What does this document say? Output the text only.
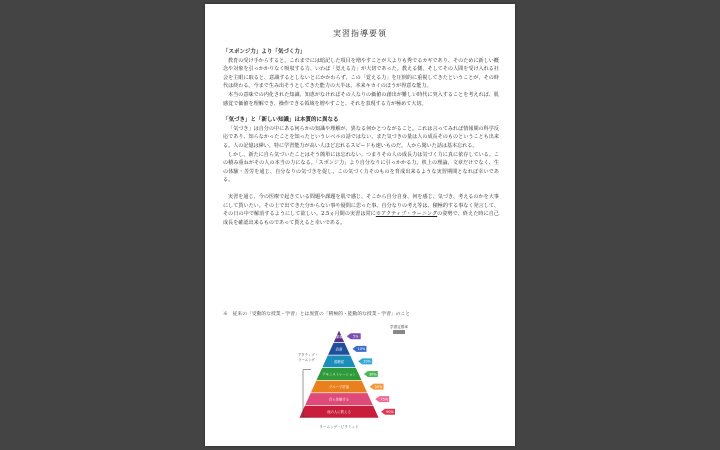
実習指導要領
「スポンジ力」より「気づく力」
教育の受け手からすると、これまでには暗記した項目を増やすことが人よりも秀でるカギであり、そのために新しい概念や対象を引っかかりなく吸収する力、いわば「覚える力」が大切であった。教える側、そしてその人間を受け入れる社会を主眼に取ると、意識するとしないとにかかわらず、この「覚える力」を圧倒的に重視してきたということが、その時代は終わる。今まで生み出そうとしてきた能力の大半は、本来キカイのほうが得意な能力。
本当の意味での内化された知識、知恵がなければその人なりの価値の創出が難しい時代に突入することを考えれば、肌感覚で価値を理解でき、操作できる領域を増やすこと、それを表現する力が極めて大切。
「気づき」と「新しい知識」は本質的に異なる
「気づき」は自分の中にある何らかの知識や理解が、異なる何かとつながること。これは言ってみれば情報間の科学反応であり、知らなかったことを知ったというレベルの話ではない。また気づきの量は人の成長そのものということも出来る。人の記憶は儚い。特に学習能力が高い人ほど忘れるスピードも速いものだ。人から聞いた話は基本忘れる。
しかし、新たに自ら気づいたことはそう簡単には忘れない。つまりその人の成長力は気づく力に真に依存している。この積み重ねがその人の本当の力になる。「スポンジ力」より自分なりに引っかかる力。机上の理論、文章だけでなく、生の体験・苦労を通じ、自分なりの気づきを促し、この気づく力そのものを育成出来るような実習期間となれば幸いである。
実習を通じ、今の医療で起きている問題や課題を肌で感じ、そこから自分自身、何を感じ、気づき、考えるのかを大事にして貰いたい。その上で出てきた分からない事や疑問に思った事、自分なりの考え等は、積極的する事なく発言して、その日の中で解消するようにして欲しい。2.5ヵ月間の実習は常に※アクティブ・ラーニングの姿勢で、終えた時に自己成長を確認出来るものであって貰えると幸いである。
※　従来の「受動的な授業・学習」とは異質の「積極的・能動的な授業・学習」のこと
講義	5%
読書	10%
視聴覚	20%
デモンストレーション	30%
グループ討論	50%
自ら体験する	75%
他の人に教える	90%
学習定着率
アクティブ・
ラーニング
ラーニング・ピラミッド
